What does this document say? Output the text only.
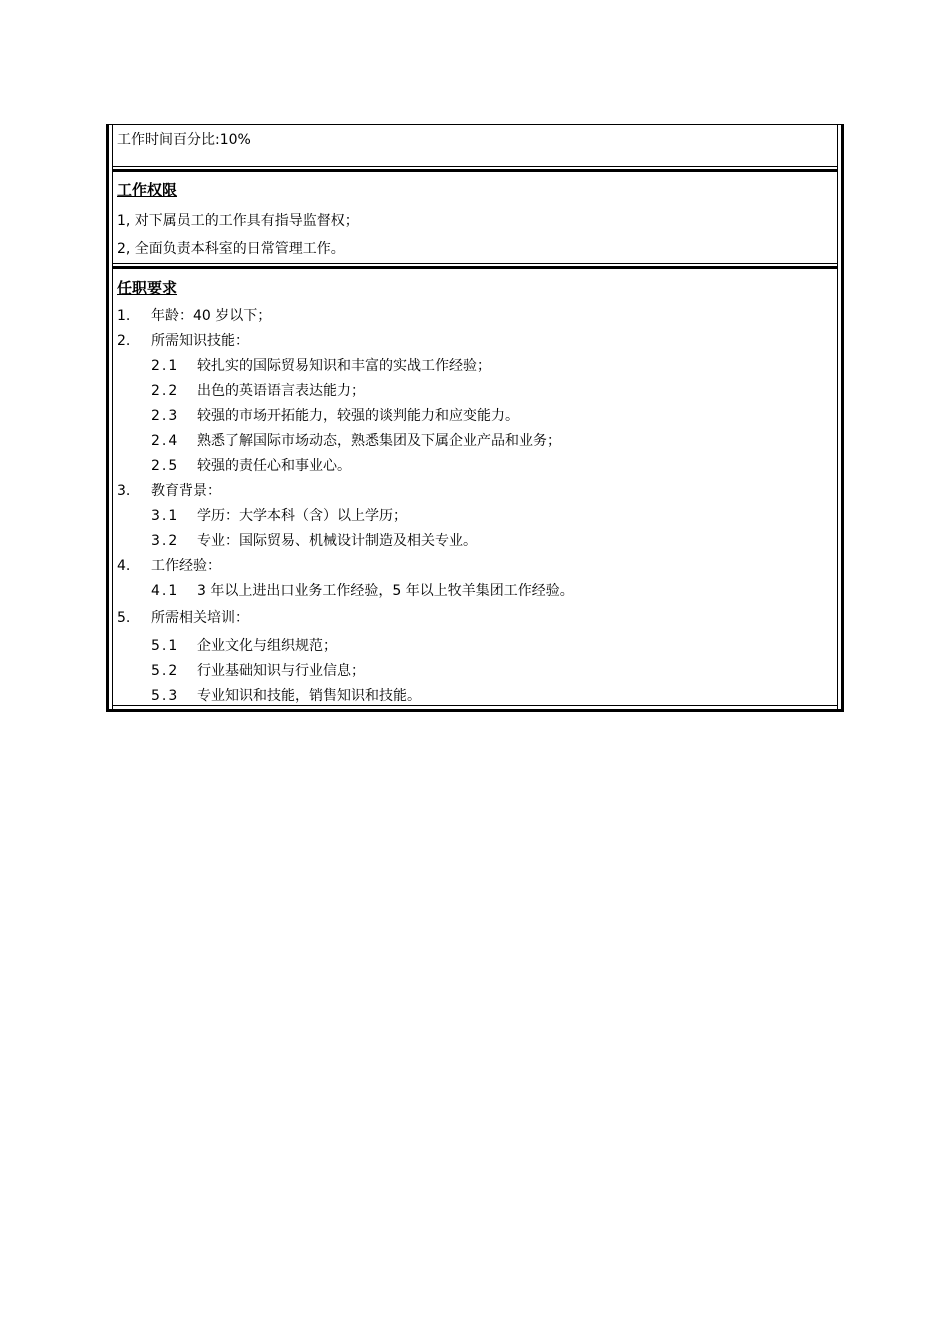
工作时间百分比:10%
工作权限
1, 对下属员工的工作具有指导监督权；
2, 全面负责本科室的日常管理工作。
任职要求
1. 年龄：40 岁以下；
2. 所需知识技能：
2.1 较扎实的国际贸易知识和丰富的实战工作经验；
2.2 出色的英语语言表达能力；
2.3 较强的市场开拓能力，较强的谈判能力和应变能力。
2.4 熟悉了解国际市场动态，熟悉集团及下属企业产品和业务；
2.5 较强的责任心和事业心。
3. 教育背景：
3.1 学历：大学本科（含）以上学历；
3.2 专业：国际贸易、机械设计制造及相关专业。
4. 工作经验：
4.1 3 年以上进出口业务工作经验，5 年以上牧羊集团工作经验。
5. 所需相关培训：
5.1 企业文化与组织规范；
5.2 行业基础知识与行业信息；
5.3 专业知识和技能，销售知识和技能。
